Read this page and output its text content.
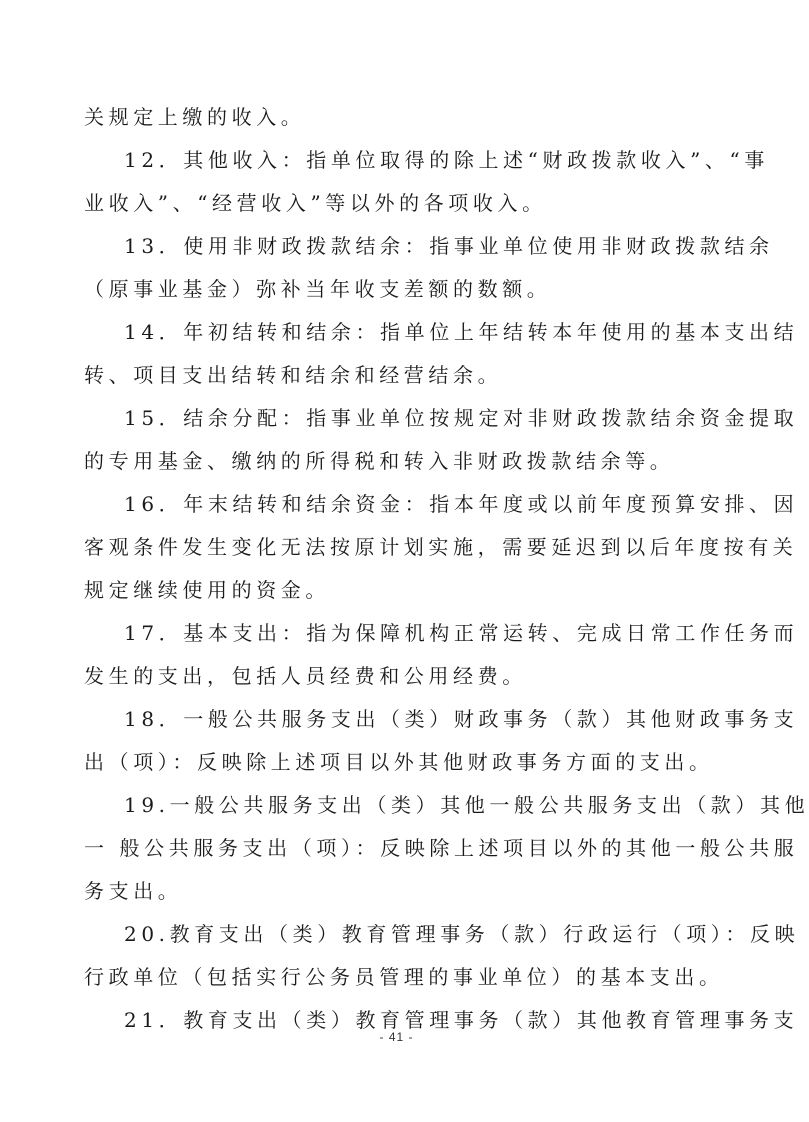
关规定上缴的收入。
12．其他收入：指单位取得的除上述“财政拨款收入”、“事
业收入”、“经营收入”等以外的各项收入。
13．使用非财政拨款结余：指事业单位使用非财政拨款结余
（原事业基金）弥补当年收支差额的数额。
14．年初结转和结余：指单位上年结转本年使用的基本支出结
转、项目支出结转和结余和经营结余。
15．结余分配：指事业单位按规定对非财政拨款结余资金提取
的专用基金、缴纳的所得税和转入非财政拨款结余等。
16．年末结转和结余资金：指本年度或以前年度预算安排、因
客观条件发生变化无法按原计划实施，需要延迟到以后年度按有关
规定继续使用的资金。
17．基本支出：指为保障机构正常运转、完成日常工作任务而
发生的支出，包括人员经费和公用经费。
18．一般公共服务支出（类）财政事务（款）其他财政事务支
出（项）：反映除上述项目以外其他财政事务方面的支出。
19.一般公共服务支出（类）其他一般公共服务支出（款）其他
一 般公共服务支出（项）：反映除上述项目以外的其他一般公共服
务支出。
20.教育支出（类）教育管理事务（款）行政运行（项）：反映
行政单位（包括实行公务员管理的事业单位）的基本支出。
21．教育支出（类）教育管理事务（款）其他教育管理事务支
- 41 -
